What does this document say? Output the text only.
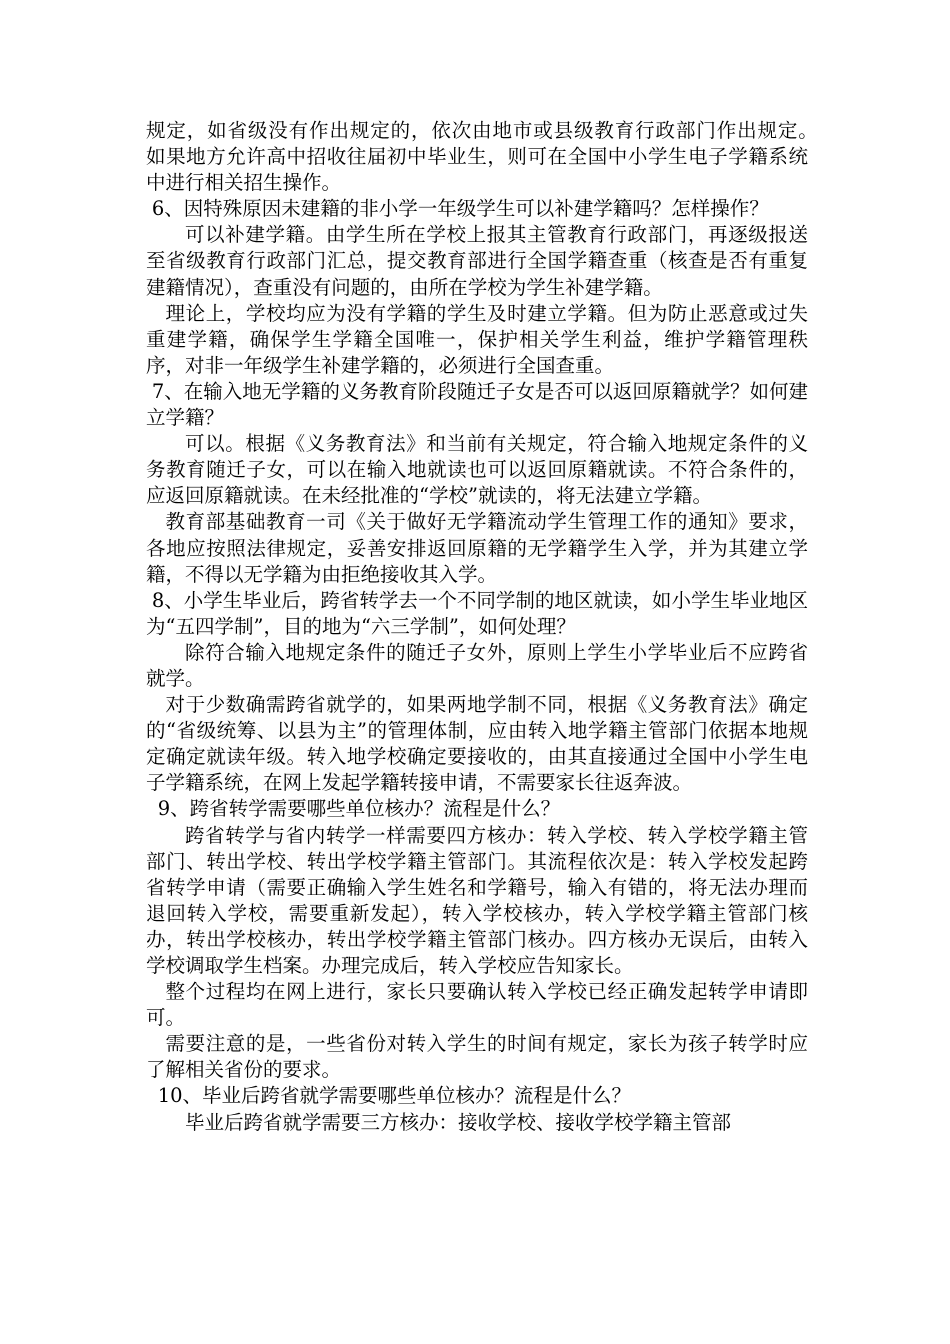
规定，如省级没有作出规定的，依次由地市或县级教育行政部门作出规定。　如果地方允许高中招收往届初中毕业生，则可在全国中小学生电子学籍系统中进行相关招生操作。

6、因特殊原因未建籍的非小学一年级学生可以补建学籍吗？怎样操作？

可以补建学籍。由学生所在学校上报其主管教育行政部门，再逐级报送至省级教育行政部门汇总，提交教育部进行全国学籍查重（核查是否有重复建籍情况），查重没有问题的，由所在学校为学生补建学籍。

理论上，学校均应为没有学籍的学生及时建立学籍。但为防止恶意或过失重建学籍，确保学生学籍全国唯一，保护相关学生利益，维护学籍管理秩序，对非一年级学生补建学籍的，必须进行全国查重。

7、在输入地无学籍的义务教育阶段随迁子女是否可以返回原籍就学？如何建立学籍？

可以。根据《义务教育法》和当前有关规定，符合输入地规定条件的义务教育随迁子女，可以在输入地就读也可以返回原籍就读。不符合条件的，应返回原籍就读。在未经批准的“学校”就读的，将无法建立学籍。

教育部基础教育一司《关于做好无学籍流动学生管理工作的通知》要求，各地应按照法律规定，妥善安排返回原籍的无学籍学生入学，并为其建立学籍，不得以无学籍为由拒绝接收其入学。

8、小学生毕业后，跨省转学去一个不同学制的地区就读，如小学生毕业地区为“五四学制”，目的地为“六三学制”，如何处理？

除符合输入地规定条件的随迁子女外，原则上学生小学毕业后不应跨省就学。

对于少数确需跨省就学的，如果两地学制不同，根据《义务教育法》确定的“省级统筹、以县为主”的管理体制，应由转入地学籍主管部门依据本地规定确定就读年级。转入地学校确定要接收的，由其直接通过全国中小学生电子学籍系统，在网上发起学籍转接申请，不需要家长往返奔波。

9、跨省转学需要哪些单位核办？流程是什么？

跨省转学与省内转学一样需要四方核办：转入学校、转入学校学籍主管部门、转出学校、转出学校学籍主管部门。其流程依次是：转入学校发起跨省转学申请（需要正确输入学生姓名和学籍号，输入有错的，将无法办理而退回转入学校，需要重新发起），转入学校核办，转入学校学籍主管部门核办，转出学校核办，转出学校学籍主管部门核办。四方核办无误后，由转入学校调取学生档案。办理完成后，转入学校应告知家长。

整个过程均在网上进行，家长只要确认转入学校已经正确发起转学申请即可。

需要注意的是，一些省份对转入学生的时间有规定，家长为孩子转学时应了解相关省份的要求。

10、毕业后跨省就学需要哪些单位核办？流程是什么？

毕业后跨省就学需要三方核办：接收学校、接收学校学籍主管部
